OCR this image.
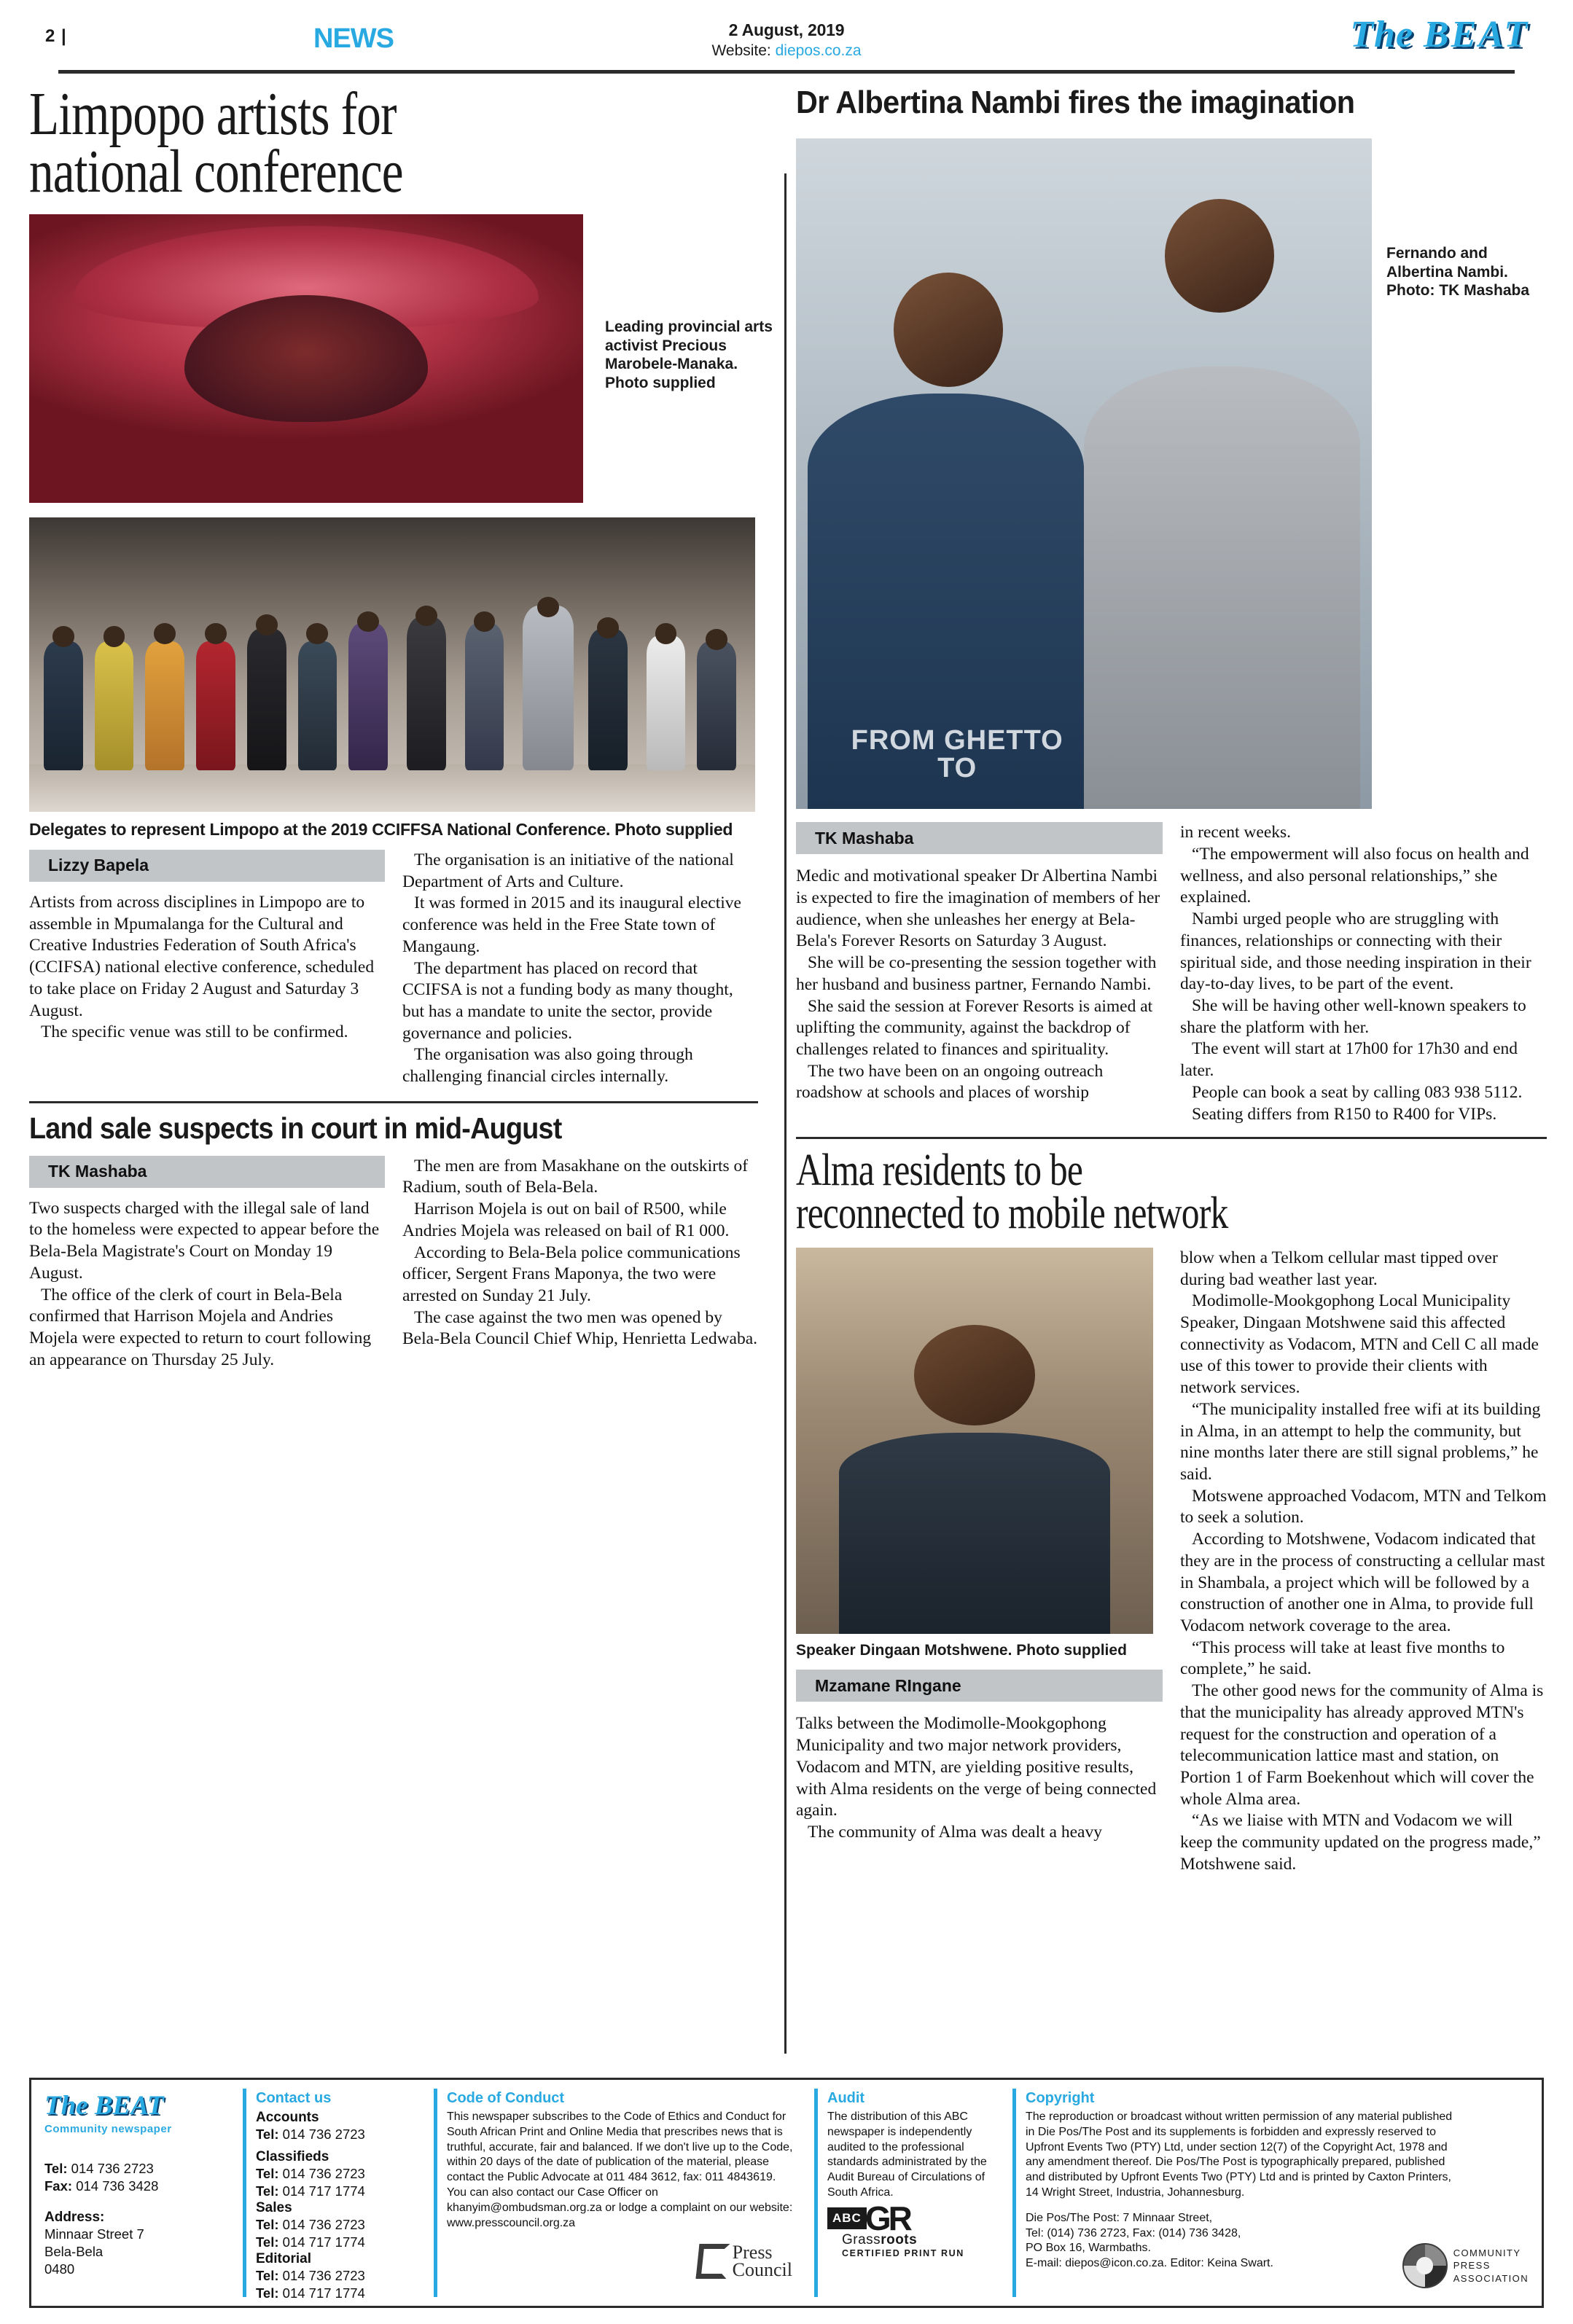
2 |	NEWS	2 August, 2019
Website: diepos.co.za	The BEAT
Limpopo artists for
national conference
Leading provincial arts activist Precious Marobele-Manaka. Photo supplied
Delegates to represent Limpopo at the 2019 CCIFFSA National Conference. Photo supplied
Lizzy Bapela

Artists from across disciplines in Limpopo are to assemble in Mpumalanga for the Cultural and Creative Industries Federation of South Africa's (CCIFSA) national elective conference, scheduled to take place on Friday 2 August and Saturday 3 August.

The specific venue was still to be confirmed.

The organisation is an initiative of the national Department of Arts and Culture.

It was formed in 2015 and its inaugural elective conference was held in the Free State town of Mangaung.

The department has placed on record that CCIFSA is not a funding body as many thought, but has a mandate to unite the sector, provide governance and policies.

The organisation was also going through challenging financial circles internally.

Land sale suspects in court in mid-August
TK Mashaba

Two suspects charged with the illegal sale of land to the homeless were expected to appear before the Bela-Bela Magistrate's Court on Monday 19 August.

The office of the clerk of court in Bela-Bela confirmed that Harrison Mojela and Andries Mojela were expected to return to court following an appearance on Thursday 25 July.

The men are from Masakhane on the outskirts of Radium, south of Bela-Bela.

Harrison Mojela is out on bail of R500, while Andries Mojela was released on bail of R1 000.

According to Bela-Bela police communications officer, Sergent Frans Maponya, the two were arrested on Sunday 21 July.

The case against the two men was opened by Bela-Bela Council Chief Whip, Henrietta Ledwaba.

Dr Albertina Nambi fires the imagination
FROM GHETTO TO
Fernando and Albertina Nambi. Photo: TK Mashaba
TK Mashaba

Medic and motivational speaker Dr Albertina Nambi is expected to fire the imagination of members of her audience, when she unleashes her energy at Bela-Bela's Forever Resorts on Saturday 3 August.

She will be co-presenting the session together with her husband and business partner, Fernando Nambi.

She said the session at Forever Resorts is aimed at uplifting the community, against the backdrop of challenges related to finances and spirituality.

The two have been on an ongoing outreach roadshow at schools and places of worship

in recent weeks.

“The empowerment will also focus on health and wellness, and also personal relationships,” she explained.

Nambi urged people who are struggling with finances, relationships or connecting with their spiritual side, and those needing inspiration in their day-to-day lives, to be part of the event.

She will be having other well-known speakers to share the platform with her.

The event will start at 17h00 for 17h30 and end later.

People can book a seat by calling 083 938 5112.

Seating differs from R150 to R400 for VIPs.

Alma residents to be
reconnected to mobile network
Speaker Dingaan Motshwene. Photo supplied
Mzamane RIngane

Talks between the Modimolle-Mookgophong Municipality and two major network providers, Vodacom and MTN, are yielding positive results, with Alma residents on the verge of being connected again.

The community of Alma was dealt a heavy

blow when a Telkom cellular mast tipped over during bad weather last year.

Modimolle-Mookgophong Local Municipality Speaker, Dingaan Motshwene said this affected connectivity as Vodacom, MTN and Cell C all made use of this tower to provide their clients with network services.

“The municipality installed free wifi at its building in Alma, in an attempt to help the community, but nine months later there are still signal problems,” he said.

Motswene approached Vodacom, MTN and Telkom to seek a solution.

According to Motshwene, Vodacom indicated that they are in the process of constructing a cellular mast in Shambala, a project which will be followed by a construction of another one in Alma, to provide full Vodacom network coverage to the area.

“This process will take at least five months to complete,” he said.

The other good news for the community of Alma is that the municipality has already approved MTN's request for the construction and operation of a telecommunication lattice mast and station, on Portion 1 of Farm Boekenhout which will cover the whole Alma area.

“As we liaise with MTN and Vodacom we will keep the community updated on the progress made,” Motshwene said.

The BEAT
Community newspaper
Tel: 014 736 2723
Fax: 014 736 3428
Address:
Minnaar Street 7
Bela-Bela
0480
Contact us
Accounts
Tel: 014 736 2723
Classifieds
Tel: 014 736 2723
Tel: 014 717 1774
Sales
Tel: 014 736 2723
Tel: 014 717 1774
Editorial
Tel: 014 736 2723
Tel: 014 717 1774
Code of Conduct
This newspaper subscribes to the Code of Ethics and Conduct for South African Print and Online Media that prescribes news that is truthful, accurate, fair and balanced. If we don't live up to the Code, within 20 days of the date of publication of the material, please contact the Public Advocate at 011 484 3612, fax: 011 4843619. You can also contact our Case Officer on khanyim@ombudsman.org.za or lodge a complaint on our website: www.presscouncil.org.za
Press
Council
Audit
The distribution of this ABC newspaper is independently audited to the professional standards administrated by the Audit Bureau of Circulations of South Africa.
ABC GR
Grassroots
CERTIFIED PRINT RUN
Copyright
The reproduction or broadcast without written permission of any material published in Die Pos/The Post and its supplements is forbidden and expressly reserved to Upfront Events Two (PTY) Ltd, under section 12(7) of the Copyright Act, 1978 and any amendment thereof. Die Pos/The Post is typographically prepared, published and distributed by Upfront Events Two (PTY) Ltd and is printed by Caxton Printers, 14 Wright Street, Industria, Johannesburg.
Die Pos/The Post: 7 Minnaar Street,
Tel: (014) 736 2723, Fax: (014) 736 3428,
PO Box 16, Warmbaths.
E-mail: diepos@icon.co.za. Editor: Keina Swart.
COMMUNITY
PRESS
ASSOCIATION
